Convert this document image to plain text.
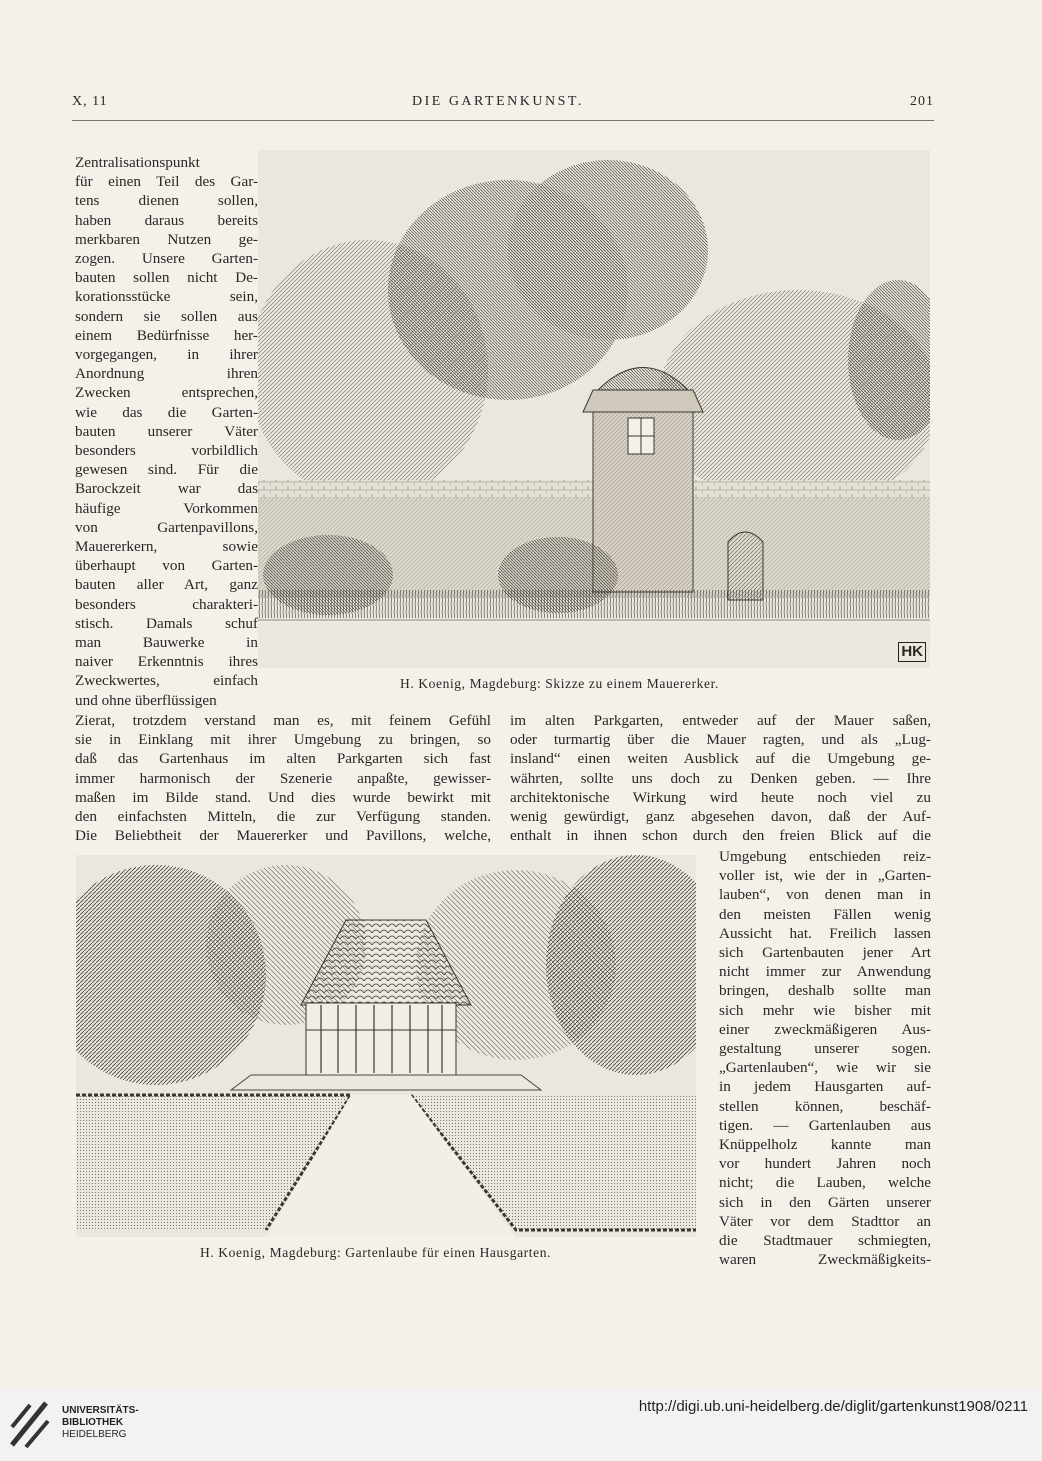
X, 11	DIE GARTENKUNST.	201
Zentralisationspunkt
für einen Teil des Gar-
tens dienen sollen,
haben daraus bereits
merkbaren Nutzen ge-
zogen. Unsere Garten-
bauten sollen nicht De-
korationsstücke sein,
sondern sie sollen aus
einem Bedürfnisse her-
vorgegangen, in ihrer
Anordnung ihren
Zwecken entsprechen,
wie das die Garten-
bauten unserer Väter
besonders vorbildlich
gewesen sind. Für die
Barockzeit war das
häufige Vorkommen
von Gartenpavillons,
Mauererkern, sowie
überhaupt von Garten-
bauten aller Art, ganz
besonders charakteri-
stisch. Damals schuf
man Bauwerke in
naiver Erkenntnis ihres
Zweckwertes, einfach
und ohne überflüssigen
HK
H. Koenig, Magdeburg: Skizze zu einem Mauererker.
Zierat, trotzdem verstand man es, mit feinem Gefühl
sie in Einklang mit ihrer Umgebung zu bringen, so
daß das Gartenhaus im alten Parkgarten sich fast
immer harmonisch der Szenerie anpaßte, gewisser-
maßen im Bilde stand. Und dies wurde bewirkt mit
den einfachsten Mitteln, die zur Verfügung standen.
Die Beliebtheit der Mauererker und Pavillons, welche,
im alten Parkgarten, entweder auf der Mauer saßen,
oder turmartig über die Mauer ragten, und als „Lug-
insland“ einen weiten Ausblick auf die Umgebung ge-
währten, sollte uns doch zu Denken geben. — Ihre
architektonische Wirkung wird heute noch viel zu
wenig gewürdigt, ganz abgesehen davon, daß der Auf-
enthalt in ihnen schon durch den freien Blick auf die
H. Koenig, Magdeburg: Gartenlaube für einen Hausgarten.
Umgebung entschieden reiz-
voller ist, wie der in „Garten-
lauben“, von denen man in
den meisten Fällen wenig
Aussicht hat. Freilich lassen
sich Gartenbauten jener Art
nicht immer zur Anwendung
bringen, deshalb sollte man
sich mehr wie bisher mit
einer zweckmäßigeren Aus-
gestaltung unserer sogen.
„Gartenlauben“, wie wir sie
in jedem Hausgarten auf-
stellen können, beschäf-
tigen. — Gartenlauben aus
Knüppelholz kannte man
vor hundert Jahren noch
nicht; die Lauben, welche
sich in den Gärten unserer
Väter vor dem Stadttor an
die Stadtmauer schmiegten,
waren Zweckmäßigkeits-
UNIVERSITÄTS-
BIBLIOTHEK
HEIDELBERG
http://digi.ub.uni-heidelberg.de/diglit/gartenkunst1908/0211
